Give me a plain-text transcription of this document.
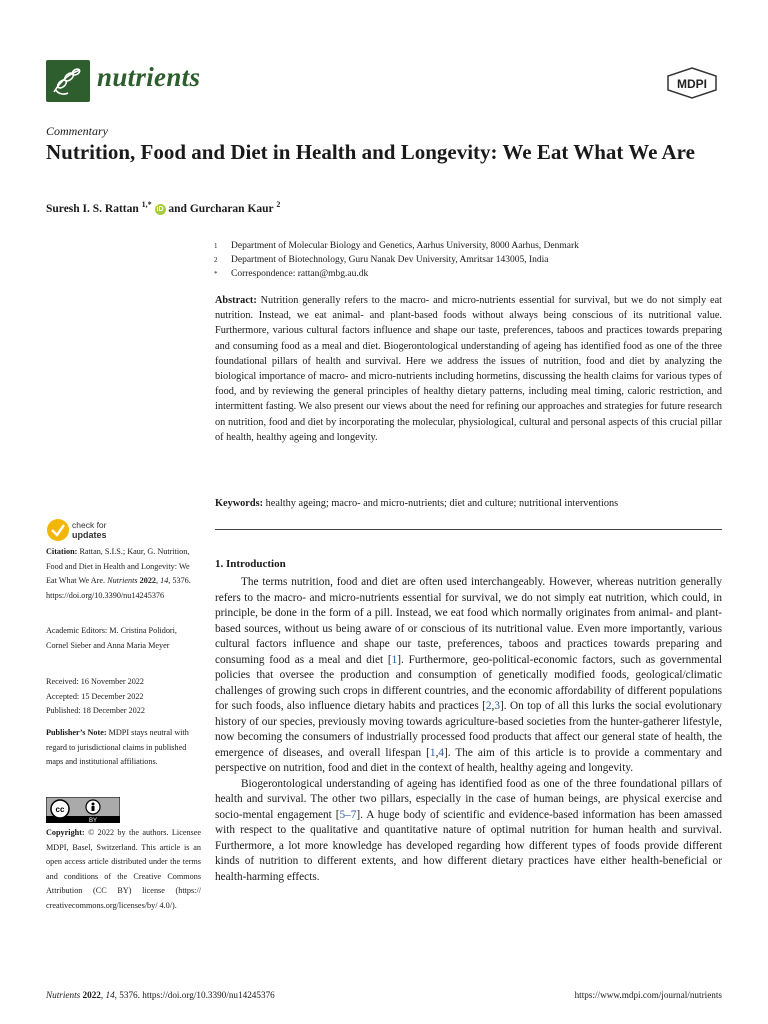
nutrients	MDPI
Commentary
Nutrition, Food and Diet in Health and Longevity: We Eat What We Are
Suresh I. S. Rattan $^{1,*}$ iD and Gurcharan Kaur $^2$
1	Department of Molecular Biology and Genetics, Aarhus University, 8000 Aarhus, Denmark
2	Department of Biotechnology, Guru Nanak Dev University, Amritsar 143005, India
*	Correspondence: rattan@mbg.au.dk
Abstract: Nutrition generally refers to the macro- and micro-nutrients essential for survival, but we do not simply eat nutrition. Instead, we eat animal- and plant-based foods without always being conscious of its nutritional value. Furthermore, various cultural factors influence and shape our taste, preferences, taboos and practices towards preparing and consuming food as a meal and diet. Biogerontological understanding of ageing has identified food as one of the three foundational pillars of health and survival. Here we address the issues of nutrition, food and diet by analyzing the biological importance of macro- and micro-nutrients including hormetins, discussing the health claims for various types of food, and by reviewing the general principles of healthy dietary patterns, including meal timing, caloric restriction, and intermittent fasting. We also present our views about the need for refining our approaches and strategies for future research on nutrition, food and diet by incorporating the molecular, physiological, cultural and personal aspects of this crucial pillar of health, healthy ageing and longevity.
Keywords: healthy ageing; macro- and micro-nutrients; diet and culture; nutritional interventions
check for
updates
Citation: Rattan, S.I.S.; Kaur, G. Nutrition, Food and Diet in Health and Longevity: We Eat What We Are. Nutrients 2022, 14, 5376. https://doi.org/10.3390/nu14245376
Academic Editors: M. Cristina Polidori, Cornel Sieber and Anna Maria Meyer
Received: 16 November 2022
Accepted: 15 December 2022
Published: 18 December 2022
Publisher’s Note: MDPI stays neutral with regard to jurisdictional claims in published maps and institutional affiliations.
cc
BY
Copyright: © 2022 by the authors. Licensee MDPI, Basel, Switzerland. This article is an open access article distributed under the terms and conditions of the Creative Commons Attribution (CC BY) license (https:// creativecommons.org/licenses/by/ 4.0/).
1. Introduction

The terms nutrition, food and diet are often used interchangeably. However, whereas nutrition generally refers to the macro- and micro-nutrients essential for survival, we do not simply eat nutrition, which could, in principle, be done in the form of a pill. Instead, we eat food which normally originates from animal- and plant-based sources, without us being aware of or conscious of its nutritional value. Even more importantly, various cultural factors influence and shape our taste, preferences, taboos and practices towards preparing and consuming food as a meal and diet [1]. Furthermore, geo-political-economic factors, such as governmental policies that oversee the production and consumption of genetically modified foods, geological/climatic challenges of growing such crops in different countries, and the economic affordability of different populations for such foods, also influence dietary habits and practices [2,3]. On top of all this lurks the social evolutionary history of our species, previously moving towards agriculture-based societies from the hunter-gatherer lifestyle, now becoming the consumers of industrially processed food products that affect our general state of health, the emergence of diseases, and overall lifespan [1,4]. The aim of this article is to provide a commentary and perspective on nutrition, food and diet in the context of health, healthy ageing and longevity.

Biogerontological understanding of ageing has identified food as one of the three foundational pillars of health and survival. The other two pillars, especially in the case of human beings, are physical exercise and socio-mental engagement [5–7]. A huge body of scientific and evidence-based information has been amassed with respect to the qualitative and quantitative nature of optimal nutrition for human health and survival. Furthermore, a lot more knowledge has developed regarding how different types of foods provide different kinds of nutrition to different extents, and how different dietary practices have either health-beneficial or health-harming effects.

Nutrients 2022, 14, 5376. https://doi.org/10.3390/nu14245376	https://www.mdpi.com/journal/nutrients
